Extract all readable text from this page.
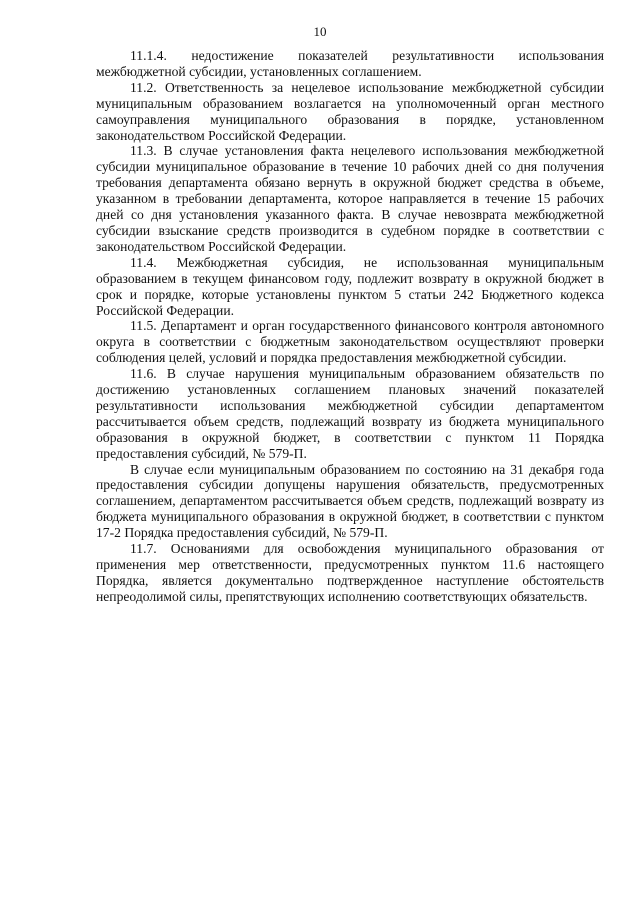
10

11.1.4. недостижение показателей результативности использования межбюджетной субсидии, установленных соглашением.

11.2. Ответственность за нецелевое использование межбюджетной субсидии муниципальным образованием возлагается на уполномоченный орган местного самоуправления муниципального образования в порядке, установленном законодательством Российской Федерации.

11.3. В случае установления факта нецелевого использования межбюджетной субсидии муниципальное образование в течение 10 рабочих дней со дня получения требования департамента обязано вернуть в окружной бюджет средства в объеме, указанном в требовании департамента, которое направляется в течение 15 рабочих дней со дня установления указанного факта. В случае невозврата межбюджетной субсидии взыскание средств производится в судебном порядке в соответствии с законодательством Российской Федерации.

11.4. Межбюджетная субсидия, не использованная муниципальным образованием в текущем финансовом году, подлежит возврату в окружной бюджет в срок и порядке, которые установлены пунктом 5 статьи 242 Бюджетного кодекса Российской Федерации.

11.5. Департамент и орган государственного финансового контроля автономного округа в соответствии с бюджетным законодательством осуществляют проверки соблюдения целей, условий и порядка предоставления межбюджетной субсидии.

11.6. В случае нарушения муниципальным образованием обязательств по достижению установленных соглашением плановых значений показателей результативности использования межбюджетной субсидии департаментом рассчитывается объем средств, подлежащий возврату из бюджета муниципального образования в окружной бюджет, в соответствии с пунктом 11 Порядка предоставления субсидий, № 579-П.

В случае если муниципальным образованием по состоянию на 31 декабря года предоставления субсидии допущены нарушения обязательств, предусмотренных соглашением, департаментом рассчитывается объем средств, подлежащий возврату из бюджета муниципального образования в окружной бюджет, в соответствии с пунктом 17-2 Порядка предоставления субсидий, № 579-П.

11.7. Основаниями для освобождения муниципального образования от применения мер ответственности, предусмотренных пунктом 11.6 настоящего Порядка, является документально подтвержденное наступление обстоятельств непреодолимой силы, препятствующих исполнению соответствующих обязательств.
